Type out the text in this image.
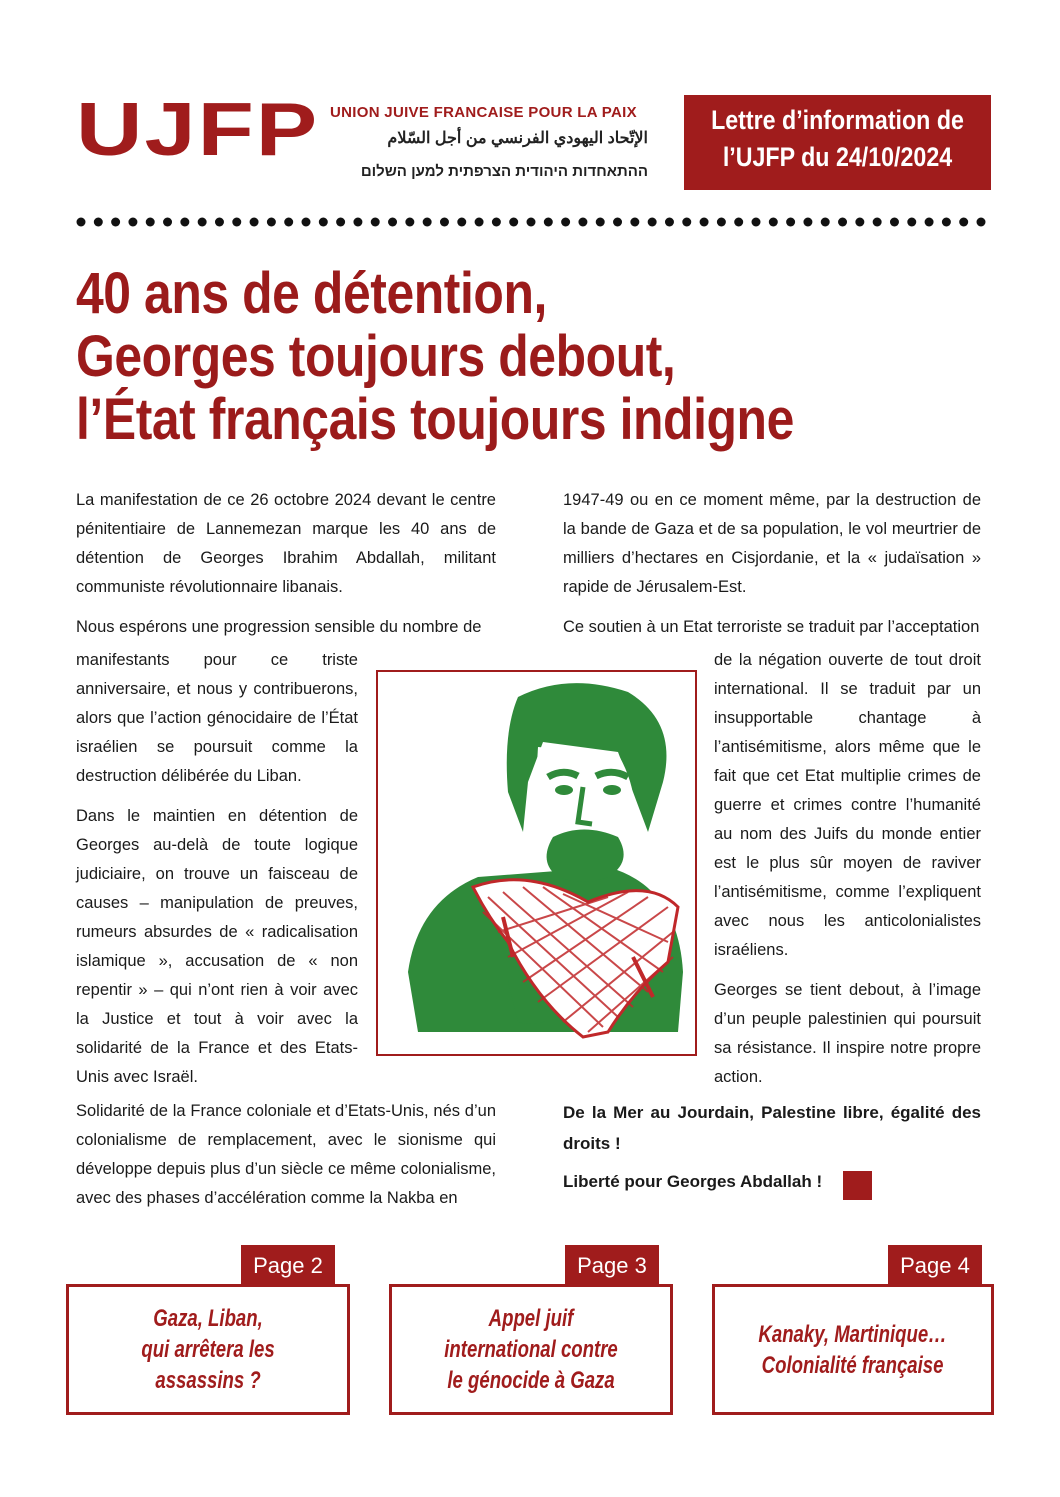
UJFP UNION JUIVE FRANCAISE POUR LA PAIX
الإتّحاد اليهودي الفرنسي من أجل السّلام
ההתאחדות היהודית הצרפתית למען השלום
Lettre d’information de
l’UJFP du 24/10/2024
40 ans de détention,
Georges toujours debout,
l’État français toujours indigne

La manifestation de ce 26 octobre 2024 devant le centre pénitentiaire de Lannemezan marque les 40 ans de détention de Georges Ibrahim Abdallah, militant communiste révolutionnaire libanais.

Nous espérons une progression sensible du nombre de

manifestants pour ce triste anniversaire, et nous y contribuerons, alors que l’action génocidaire de l’État israélien se poursuit comme la destruction délibérée du Liban.

Dans le maintien en détention de Georges au-delà de toute logique judiciaire, on trouve un faisceau de causes – manipulation de preuves, rumeurs absurdes de « radicalisation islamique », accusation de « non repentir » – qui n’ont rien à voir avec la Justice et tout à voir avec la solidarité de la France et des Etats-Unis avec Israël.

Solidarité de la France coloniale et d’Etats-Unis, nés d’un colonialisme de remplacement, avec le sionisme qui développe depuis plus d’un siècle ce même colonialisme, avec des phases d’accélération comme la Nakba en

1947-49 ou en ce moment même, par la destruction de la bande de Gaza et de sa population, le vol meurtrier de milliers d’hectares en Cisjordanie, et la « judaïsation » rapide de Jérusalem-Est.

Ce soutien à un Etat terroriste se traduit par l’acceptation

de la négation ouverte de tout droit international. Il se traduit par un insupportable chantage à l’antisémitisme, alors même que le fait que cet Etat multiplie crimes de guerre et crimes contre l’humanité au nom des Juifs du monde entier est le plus sûr moyen de raviver l’antisémitisme, comme l’expliquent avec nous les anticolonialistes israéliens.

Georges se tient debout, à l’image d’un peuple palestinien qui poursuit sa résistance. Il inspire notre propre action.

De la Mer au Jourdain, Palestine libre, égalité des droits !
Liberté pour Georges Abdallah !
Page 2
Gaza, Liban,
qui arrêtera les
assassins ?
Page 3
Appel juif
international contre
le génocide à Gaza
Page 4
Kanaky, Martinique…
Colonialité française
